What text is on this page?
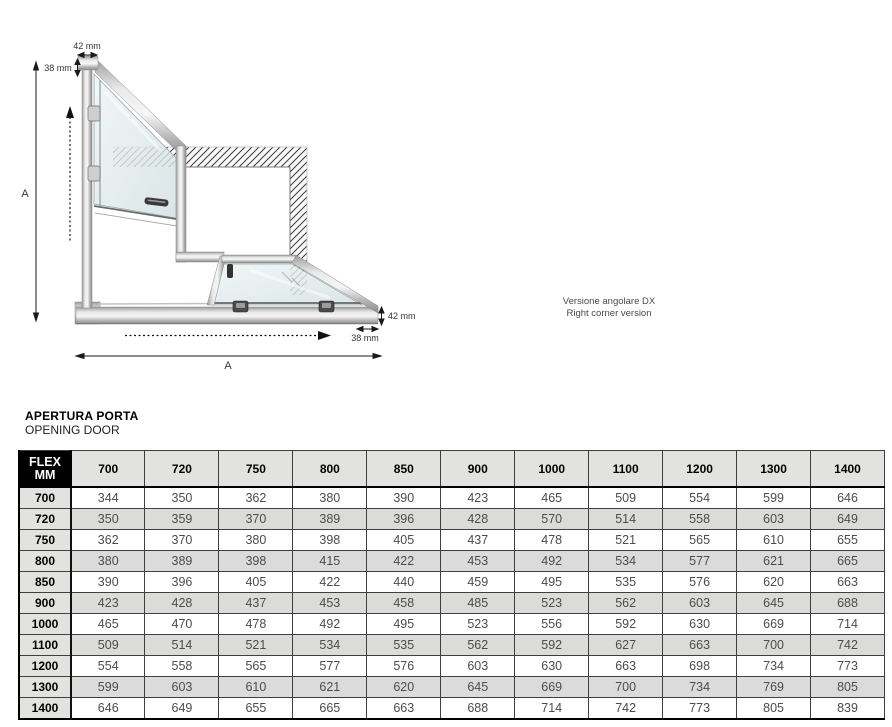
42 mm
38 mm
A
A
42 mm
38 mm
Versione angolare DX
Right corner version
APERTURA PORTA
OPENING DOOR
FLEX MM	700	720	750	800	850	900	1000	1100	1200	1300	1400
700	344	350	362	380	390	423	465	509	554	599	646
720	350	359	370	389	396	428	570	514	558	603	649
750	362	370	380	398	405	437	478	521	565	610	655
800	380	389	398	415	422	453	492	534	577	621	665
850	390	396	405	422	440	459	495	535	576	620	663
900	423	428	437	453	458	485	523	562	603	645	688
1000	465	470	478	492	495	523	556	592	630	669	714
1100	509	514	521	534	535	562	592	627	663	700	742
1200	554	558	565	577	576	603	630	663	698	734	773
1300	599	603	610	621	620	645	669	700	734	769	805
1400	646	649	655	665	663	688	714	742	773	805	839
